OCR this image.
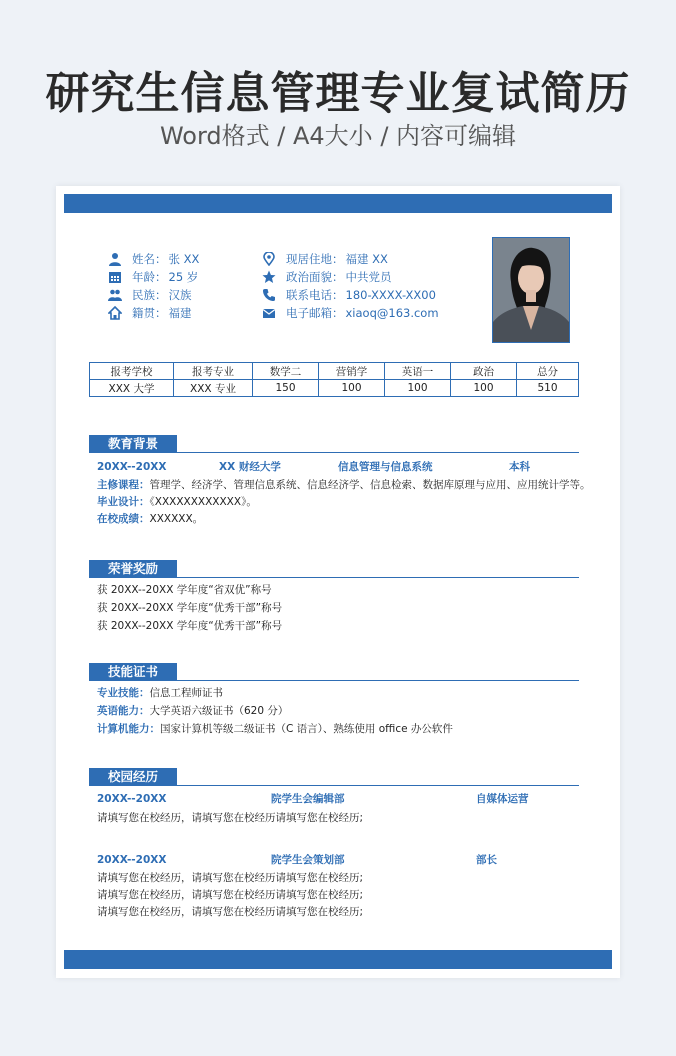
研究生信息管理专业复试简历
Word格式 / A4大小 / 内容可编辑
姓名： 张 XX
年龄： 25 岁
民族： 汉族
籍贯： 福建
现居住地： 福建 XX
政治面貌： 中共党员
联系电话： 180-XXXX-XX00
电子邮箱： xiaoq@163.com
报考学校	报考专业	数学二	营销学	英语一	政治	总分
XXX 大学	XXX 专业	150	100	100	100	510
教育背景
20XX--20XX	XX 财经大学	信息管理与信息系统	本科
主修课程：管理学、经济学、管理信息系统、信息经济学、信息检索、数据库原理与应用、应用统计学等。
毕业设计：《XXXXXXXXXXXX》。
在校成绩：XXXXXX。
荣誉奖励
获 20XX--20XX 学年度“省双优”称号
获 20XX--20XX 学年度“优秀干部”称号
获 20XX--20XX 学年度“优秀干部”称号
技能证书
专业技能：信息工程师证书
英语能力：大学英语六级证书（620 分）
计算机能力：国家计算机等级二级证书（C 语言）、熟练使用 office 办公软件
校园经历
20XX--20XX	院学生会编辑部	自媒体运营
请填写您在校经历，请填写您在校经历请填写您在校经历;
20XX--20XX	院学生会策划部	部长
请填写您在校经历，请填写您在校经历请填写您在校经历;
请填写您在校经历，请填写您在校经历请填写您在校经历;
请填写您在校经历，请填写您在校经历请填写您在校经历;
